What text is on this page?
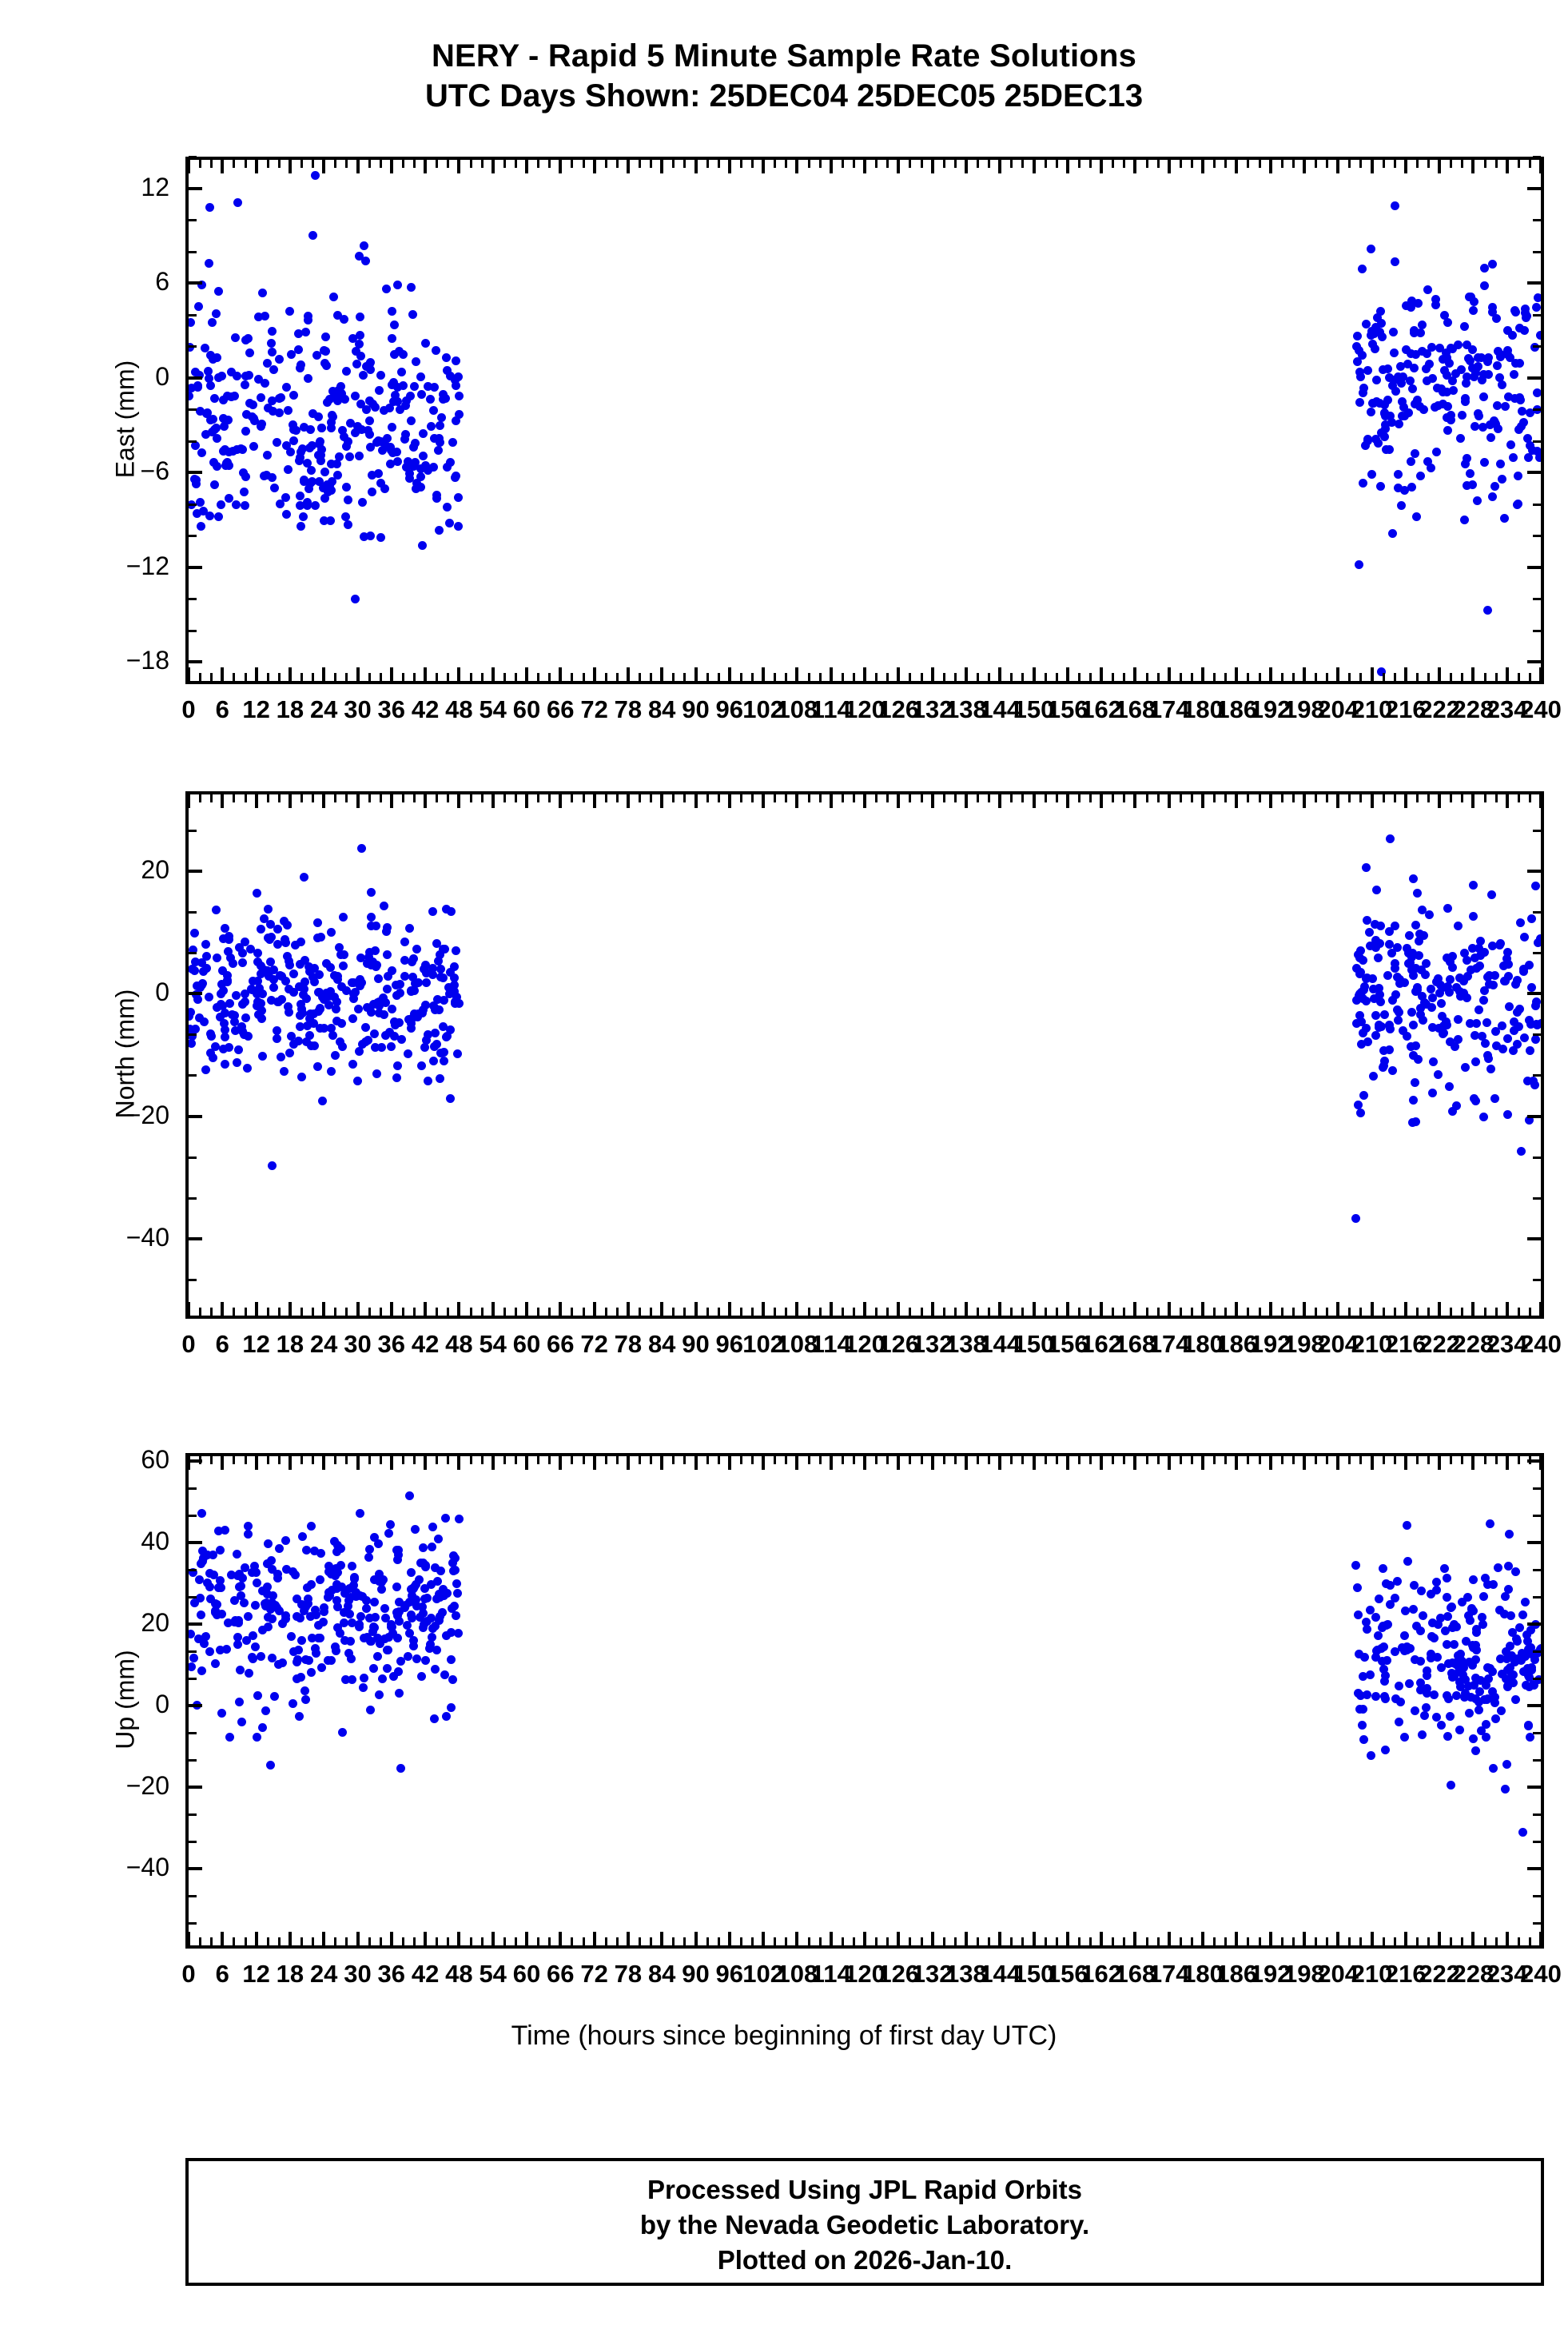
NERY - Rapid 5 Minute Sample Rate Solutions
UTC Days Shown: 25DEC04 25DEC05 25DEC13
Time (hours since beginning of first day UTC)
Processed Using JPL Rapid Orbits
by the Nevada Geodetic Laboratory.
Plotted on 2026-Jan-10.
East (mm)
−18
−12
−6
0
6
12
0 6 12 18 24 30 36 42 48 54 60 66 72 78 84 90 96 102
108
114
120
126
132
138
144
150
156
162
168
174
180
186
192
198
204
210
216
222
228
234
240
North (mm)
−40
−20
0
20
0 6 12 18 24 30 36 42 48 54 60 66 72 78 84 90 96 102
108
114
120
126
132
138
144
150
156
162
168
174
180
186
192
198
204
210
216
222
228
234
240
Up (mm)
−40
−20
0
20
40
60
0 6 12 18 24 30 36 42 48 54 60 66 72 78 84 90 96 102
108
114
120
126
132
138
144
150
156
162
168
174
180
186
192
198
204
210
216
222
228
234
240
